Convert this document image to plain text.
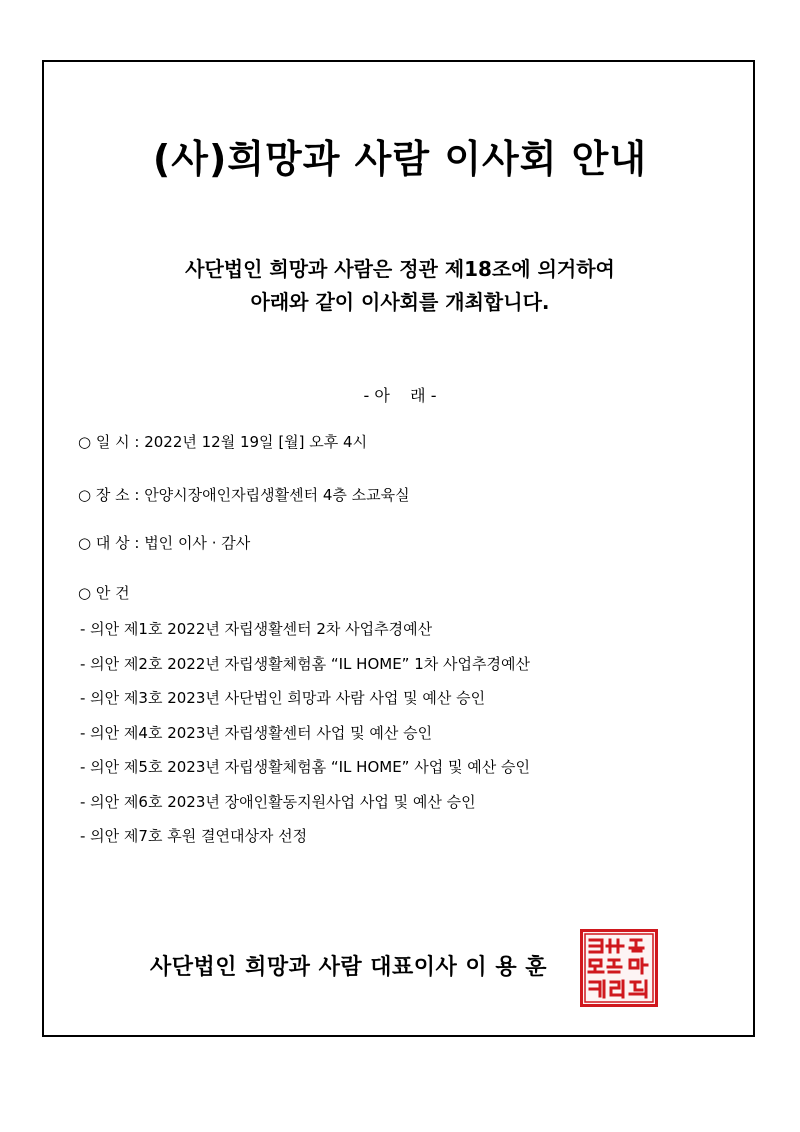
(사)희망과 사람 이사회 안내
사단법인 희망과 사람은 정관 제18조에 의거하여
아래와 같이 이사회를 개최합니다.
- 아    래 -
○ 일 시 : 2022년 12월 19일 [월] 오후 4시
○ 장 소 : 안양시장애인자립생활센터 4층 소교육실
○ 대 상 : 법인 이사 · 감사
○ 안 건
- 의안 제1호 2022년 자립생활센터 2차 사업추경예산
- 의안 제2호 2022년 자립생활체험홈 “IL HOME” 1차 사업추경예산
- 의안 제3호 2023년 사단법인 희망과 사람 사업 및 예산 승인
- 의안 제4호 2023년 자립생활센터 사업 및 예산 승인
- 의안 제5호 2023년 자립생활체험홈 “IL HOME” 사업 및 예산 승인
- 의안 제6호 2023년 장애인활동지원사업 사업 및 예산 승인
- 의안 제7호 후원 결연대상자 선정
사단법인 희망과 사람 대표이사 이 용 훈
